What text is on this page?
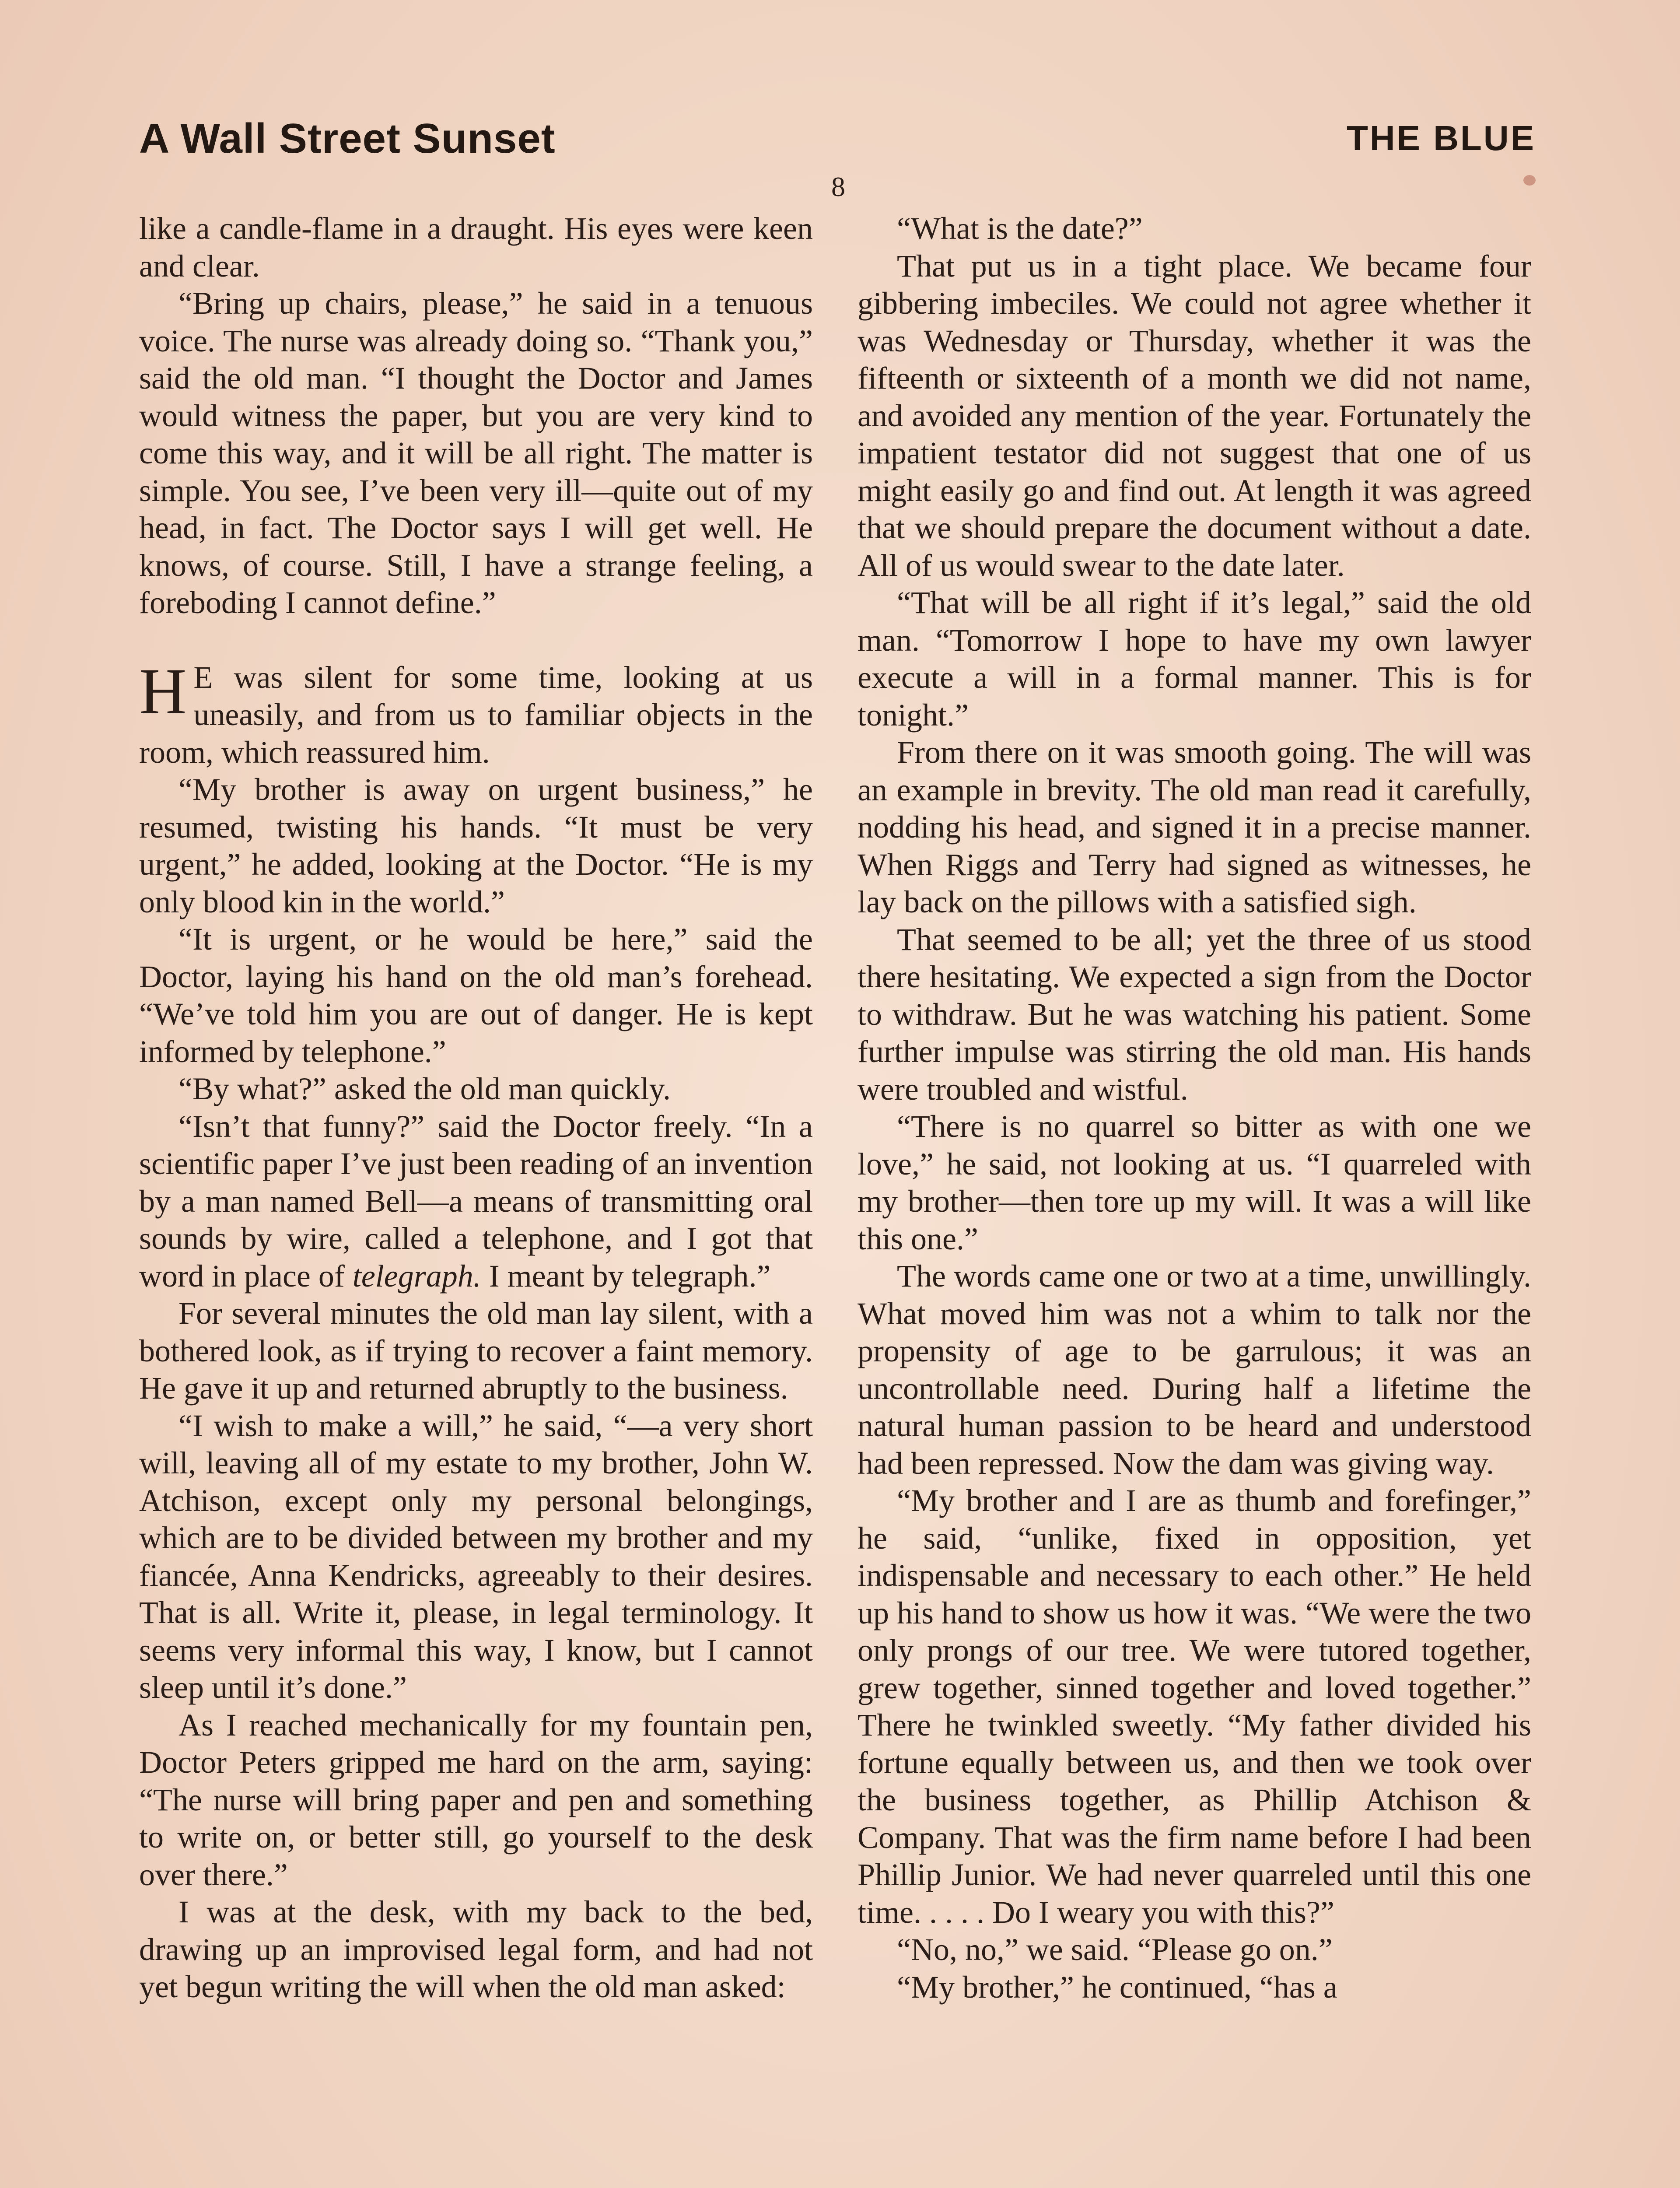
A Wall Street Sunset	THE BLUE
8

like a candle-flame in a draught. His eyes were keen and clear.

“Bring up chairs, please,” he said in a tenuous voice. The nurse was already doing so. “Thank you,” said the old man. “I thought the Doctor and James would witness the paper, but you are very kind to come this way, and it will be all right. The matter is simple. You see, I’ve been very ill—quite out of my head, in fact. The Doctor says I will get well. He knows, of course. Still, I have a strange feeling, a foreboding I cannot define.”

H E was silent for some time, looking at us uneasily, and from us to familiar objects in the room, which reassured him.

“My brother is away on urgent business,” he resumed, twisting his hands. “It must be very urgent,” he added, looking at the Doctor. “He is my only blood kin in the world.”

“It is urgent, or he would be here,” said the Doctor, laying his hand on the old man’s forehead. “We’ve told him you are out of danger. He is kept informed by telephone.”

“By what?” asked the old man quickly.

“Isn’t that funny?” said the Doctor freely. “In a scientific paper I’ve just been reading of an invention by a man named Bell—a means of transmitting oral sounds by wire, called a telephone, and I got that word in place of telegraph. I meant by telegraph.”

For several minutes the old man lay silent, with a bothered look, as if trying to recover a faint memory. He gave it up and returned abruptly to the business.

“I wish to make a will,” he said, “—a very short will, leaving all of my estate to my brother, John W. Atchison, except only my personal belongings, which are to be divided between my brother and my fiancée, Anna Kendricks, agreeably to their desires. That is all. Write it, please, in legal terminology. It seems very informal this way, I know, but I cannot sleep until it’s done.”

As I reached mechanically for my fountain pen, Doctor Peters gripped me hard on the arm, saying: “The nurse will bring paper and pen and something to write on, or better still, go yourself to the desk over there.”

I was at the desk, with my back to the bed, drawing up an improvised legal form, and had not yet begun writing the will when the old man asked:

“What is the date?”

That put us in a tight place. We became four gibbering imbeciles. We could not agree whether it was Wednesday or Thursday, whether it was the fifteenth or sixteenth of a month we did not name, and avoided any mention of the year. Fortunately the impatient testator did not suggest that one of us might easily go and find out. At length it was agreed that we should prepare the document without a date. All of us would swear to the date later.

“That will be all right if it’s legal,” said the old man. “Tomorrow I hope to have my own lawyer execute a will in a formal manner. This is for tonight.”

From there on it was smooth going. The will was an example in brevity. The old man read it carefully, nodding his head, and signed it in a precise manner. When Riggs and Terry had signed as witnesses, he lay back on the pillows with a satisfied sigh.

That seemed to be all; yet the three of us stood there hesitating. We expected a sign from the Doctor to withdraw. But he was watching his patient. Some further impulse was stirring the old man. His hands were troubled and wistful.

“There is no quarrel so bitter as with one we love,” he said, not looking at us. “I quarreled with my brother—then tore up my will. It was a will like this one.”

The words came one or two at a time, unwillingly. What moved him was not a whim to talk nor the propensity of age to be garrulous; it was an uncontrollable need. During half a lifetime the natural human passion to be heard and understood had been repressed. Now the dam was giving way.

“My brother and I are as thumb and forefinger,” he said, “unlike, fixed in opposition, yet indispensable and necessary to each other.” He held up his hand to show us how it was. “We were the two only prongs of our tree. We were tutored together, grew together, sinned together and loved together.” There he twinkled sweetly. “My father divided his fortune equally between us, and then we took over the business together, as Phillip Atchison & Company. That was the firm name before I had been Phillip Junior. We had never quarreled until this one time. . . . . Do I weary you with this?”

“No, no,” we said. “Please go on.”

“My brother,” he continued, “has a
